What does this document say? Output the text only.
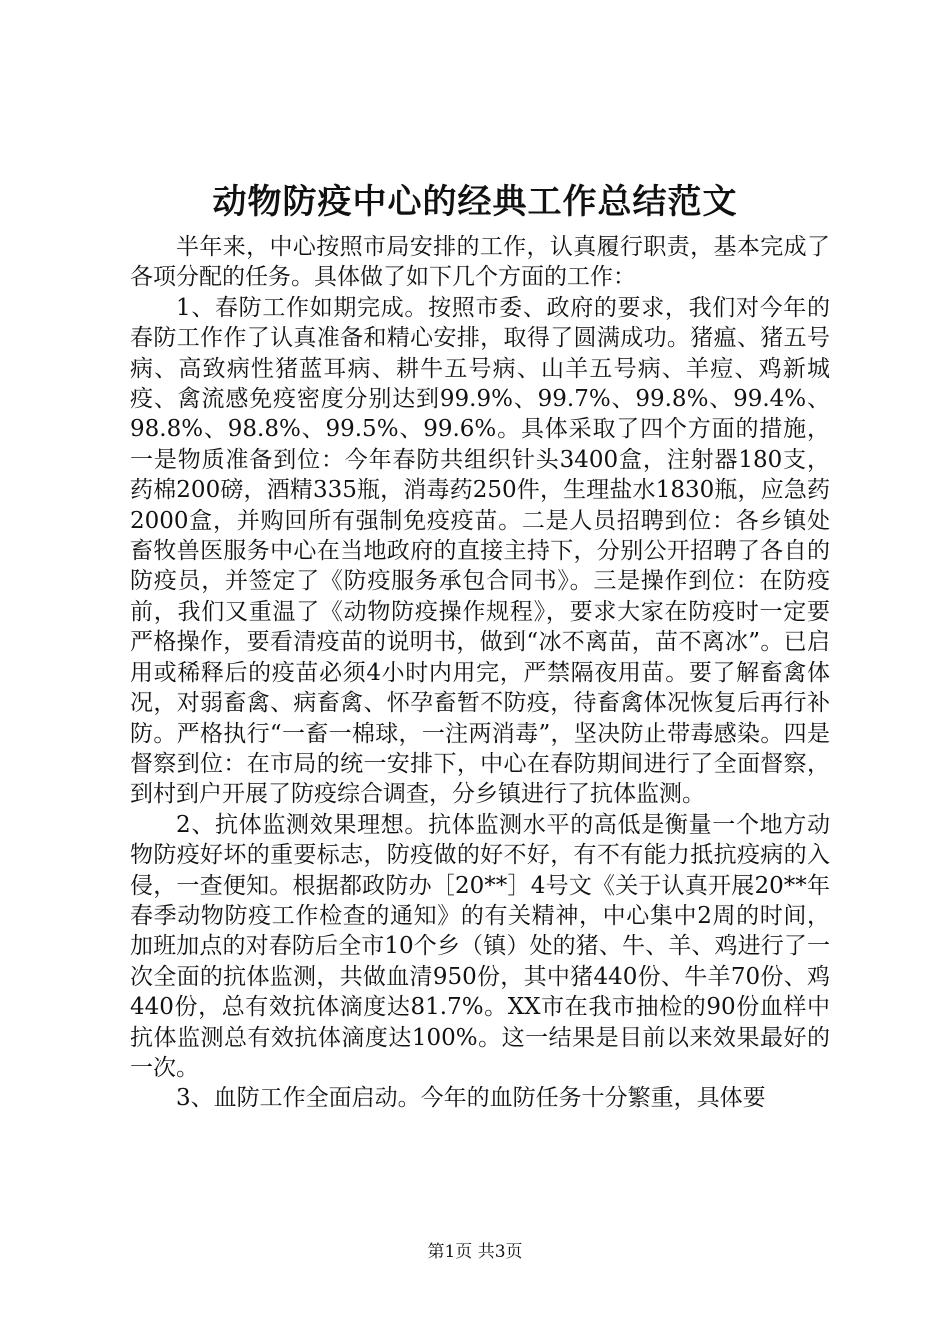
动物防疫中心的经典工作总结范文

半年来，中心按照市局安排的工作，认真履行职责，基本完成了各项分配的任务。具体做了如下几个方面的工作：

1、春防工作如期完成。按照市委、政府的要求，我们对今年的春防工作作了认真准备和精心安排，取得了圆满成功。猪瘟、猪五号病、高致病性猪蓝耳病、耕牛五号病、山羊五号病、羊痘、鸡新城疫、禽流感免疫密度分别达到99.9%、99.7%、99.8%、99.4%、98.8%、98.8%、99.5%、99.6%。具体采取了四个方面的措施，一是物质准备到位：今年春防共组织针头3400盒，注射器180支，药棉200磅，酒精335瓶，消毒药250件，生理盐水1830瓶，应急药2000盒，并购回所有强制免疫疫苗。二是人员招聘到位：各乡镇处畜牧兽医服务中心在当地政府的直接主持下，分别公开招聘了各自的防疫员，并签定了《防疫服务承包合同书》。三是操作到位：在防疫前，我们又重温了《动物防疫操作规程》，要求大家在防疫时一定要严格操作，要看清疫苗的说明书，做到“冰不离苗，苗不离冰”。已启用或稀释后的疫苗必须4小时内用完，严禁隔夜用苗。要了解畜禽体况，对弱畜禽、病畜禽、怀孕畜暂不防疫，待畜禽体况恢复后再行补防。严格执行“一畜一棉球，一注两消毒”，坚决防止带毒感染。四是督察到位：在市局的统一安排下，中心在春防期间进行了全面督察，到村到户开展了防疫综合调查，分乡镇进行了抗体监测。

2、抗体监测效果理想。抗体监测水平的高低是衡量一个地方动物防疫好坏的重要标志，防疫做的好不好，有不有能力抵抗疫病的入侵，一查便知。根据都政防办［20**］4号文《关于认真开展20**年春季动物防疫工作检查的通知》的有关精神，中心集中2周的时间，加班加点的对春防后全市10个乡（镇）处的猪、牛、羊、鸡进行了一次全面的抗体监测，共做血清950份，其中猪440份、牛羊70份、鸡440份，总有效抗体滴度达81.7%。XX市在我市抽检的90份血样中抗体监测总有效抗体滴度达100%。这一结果是目前以来效果最好的一次。

3、血防工作全面启动。今年的血防任务十分繁重，具体要

第1页 共3页
